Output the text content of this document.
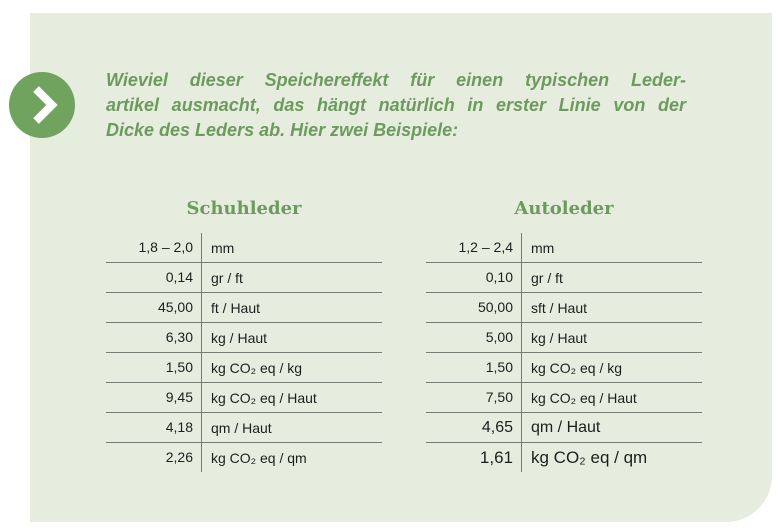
Wieviel dieser Speichereffekt für einen typischen Leder-
artikel ausmacht, das hängt natürlich in erster Linie von der
Dicke des Leders ab. Hier zwei Beispiele:
Schuhleder
1,8 – 2,0	mm
0,14	gr / ft
45,00	ft / Haut
6,30	kg / Haut
1,50	kg CO₂ eq / kg
9,45	kg CO₂ eq / Haut
4,18	qm / Haut
2,26	kg CO₂ eq / qm
Autoleder
1,2 – 2,4	mm
0,10	gr / ft
50,00	sft / Haut
5,00	kg / Haut
1,50	kg CO₂ eq / kg
7,50	kg CO₂ eq / Haut
4,65	qm / Haut
1,61	kg CO₂ eq / qm
